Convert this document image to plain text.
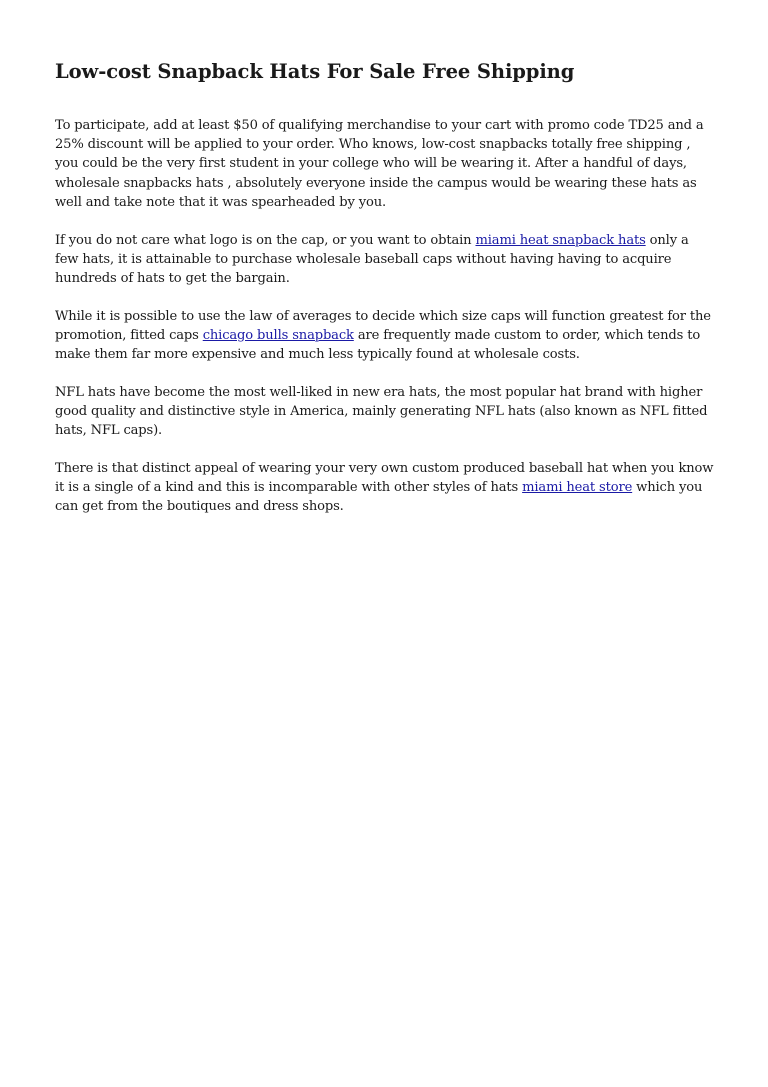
Low-cost Snapback Hats For Sale Free Shipping

To participate, add at least $50 of qualifying merchandise to your cart with promo code TD25 and a 25% discount will be applied to your order. Who knows, low-cost snapbacks totally free shipping , you could be the very first student in your college who will be wearing it. After a handful of days, wholesale snapbacks hats , absolutely everyone inside the campus would be wearing these hats as well and take note that it was spearheaded by you.

If you do not care what logo is on the cap, or you want to obtain miami heat snapback hats only a few hats, it is attainable to purchase wholesale baseball caps without having having to acquire hundreds of hats to get the bargain.

While it is possible to use the law of averages to decide which size caps will function greatest for the promotion, fitted caps chicago bulls snapback are frequently made custom to order, which tends to make them far more expensive and much less typically found at wholesale costs.

NFL hats have become the most well-liked in new era hats, the most popular hat brand with higher good quality and distinctive style in America, mainly generating NFL hats (also known as NFL fitted hats, NFL caps).

There is that distinct appeal of wearing your very own custom produced baseball hat when you know it is a single of a kind and this is incomparable with other styles of hats miami heat store which you can get from the boutiques and dress shops.
